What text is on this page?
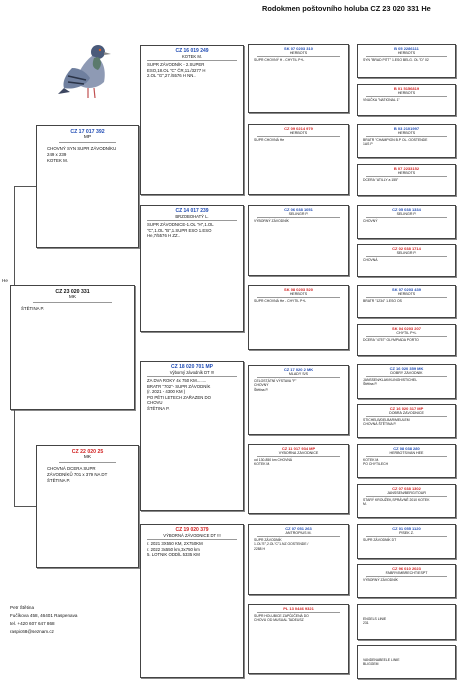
Rodokmen poštovního holuba CZ 23 020 331 He
CZ 23 020 331
MK
ŠTĚTINA P.
CZ 17 017 392
MP
CHOVNÝ SYN SUPR ZÁVODNÍKU
249 x 239
KOTEK M.
CZ 22 020 25
MK
CHOVNÁ DCERA SUPR
ZÁVODNÍKŮ 701 x 379 NA DT
ŠTĚTINA P.
CZ 16 019 249
KOTEK M.
SUPR ZÁVODNÍK - 2.SUPER
ESO,18.OL "C" ČR,11./3277 H
2.OL "G",27./5576 H NN..
CZ 14 017 239
BRZOBOHATÝ L.
SUPR ZÁVODNICE-1.OL "H",1.OL
"C",1.OL "B",1.SUPR ESO 1.ESO
He,7/5576 H ZZ..
CZ 18 020 701 MP
Výborný závodník DT !!!
ZA DVA ROKY 4x 750 KM........
BRATR "702"- SUPR ZÁVODNÍK
(r. 2021 - 4300 KM )
PO PĚTI LETECH ZAŘAZEN DO
CHOVU
ŠTĚTINA P.
CZ 19 020 379
VÝBORNÁ ZÁVODNICE DT !!!
r. 2021 3X550 KM, 2X750KM
r. 2022 3x550 km,3x750 km
5. LOTNIK ODDÍL 5335 KM
SK 07 0203 310
HERBOTS
SUPR CHOVNÝ H - CHYTIL P+L
CZ 09 0214 979
HERBOTS
SUPR CHOVNÁ He
CZ 06 038 1051
SELINGR P.
VÝBORNÝ ZÁVODNÍK
SK 08 0203 520
HERBOTS
SUPR CHOVNÁ He - CHYTIL P+L
CZ 17 020 2 MK
MLADÝ S/S
CELOSTÁTNÍ VÝSTAVA "F"
CHOVNÝ
Štětina P.
CZ 11 017 934 MP
VÝBORNÁ ZÁVODNICE
od 130-850 km CHOVNÁ
KOTEK M.
CZ 07 051 263
ANTROPIUS M.
SUPR ZÁVODNÍK
1.OL"E",2.OL"C"1.NZ OOSTENDE /
2288 H
PL 13 0446 9321
SUPR HOLUBICE ZAPŮJČENÁ DO
CHOVU OD MUSUAL TADEUSZ
B 05 2286111
HERBOTS
SYN "BRAD PITT" 1.ESO BELG. OL "D" 02
B 01 5156819
HERBOTS
VNUČKA "NATIONAL 1"
B 03 2101997
HERBOTS
BRATR "CHAMPION B.P OL. OOSTENDE
1AS P
B 07 2233152
HERBOTS
DCERA "ATILLY a 155"
CZ 05 038 1334
SELINGR P.
CHOVNÝ
CZ 02 038 1714
SELINGR P.
CHOVNÁ
SK 07 0203 439
HERBOTS
BRATR "1234" 1.ESO OS
SK 04 0203 207
CHYTIL P+L
DCERA "4757" OLYMPIADA PORTO
CZ 16 020 359 MK
DOBRÝ ZÁVODNÍK
JANSSEN/KLAK/KLINGH/STICHEL
Štětina P.
CZ 16 020 317 MP
DOBRÁ ZÁVODNICE
STICHELB/DELBAR/MEULEM
CHOVNÁ ŠTĚTINA P.
CZ 08 038 280
HERBOTS/VAN HEE
KOTEK M.
PO CHYTILECH
CZ 07 038 1302
JANSSEN/BERG/TOUR
STARÝ KROUŽEK,SPRÁVNĚ 2010 KOTEK
M.
CZ 01 055 1120
PÍSEK Z.
SUPR ZÁVODNÍK DT
CZ 96 010 2023
FABRY/IMBRECHT/ESPT
VÝBORNÝ ZÁVODNÍK
ENGELS LINIE
231
VANDENABEELE LINIE
BLIGGEM
He
Petr Štětina
Fučíkova 458, 46401 Raspenava
tel. +420 607 647 868
raspic68@seznam.cz
